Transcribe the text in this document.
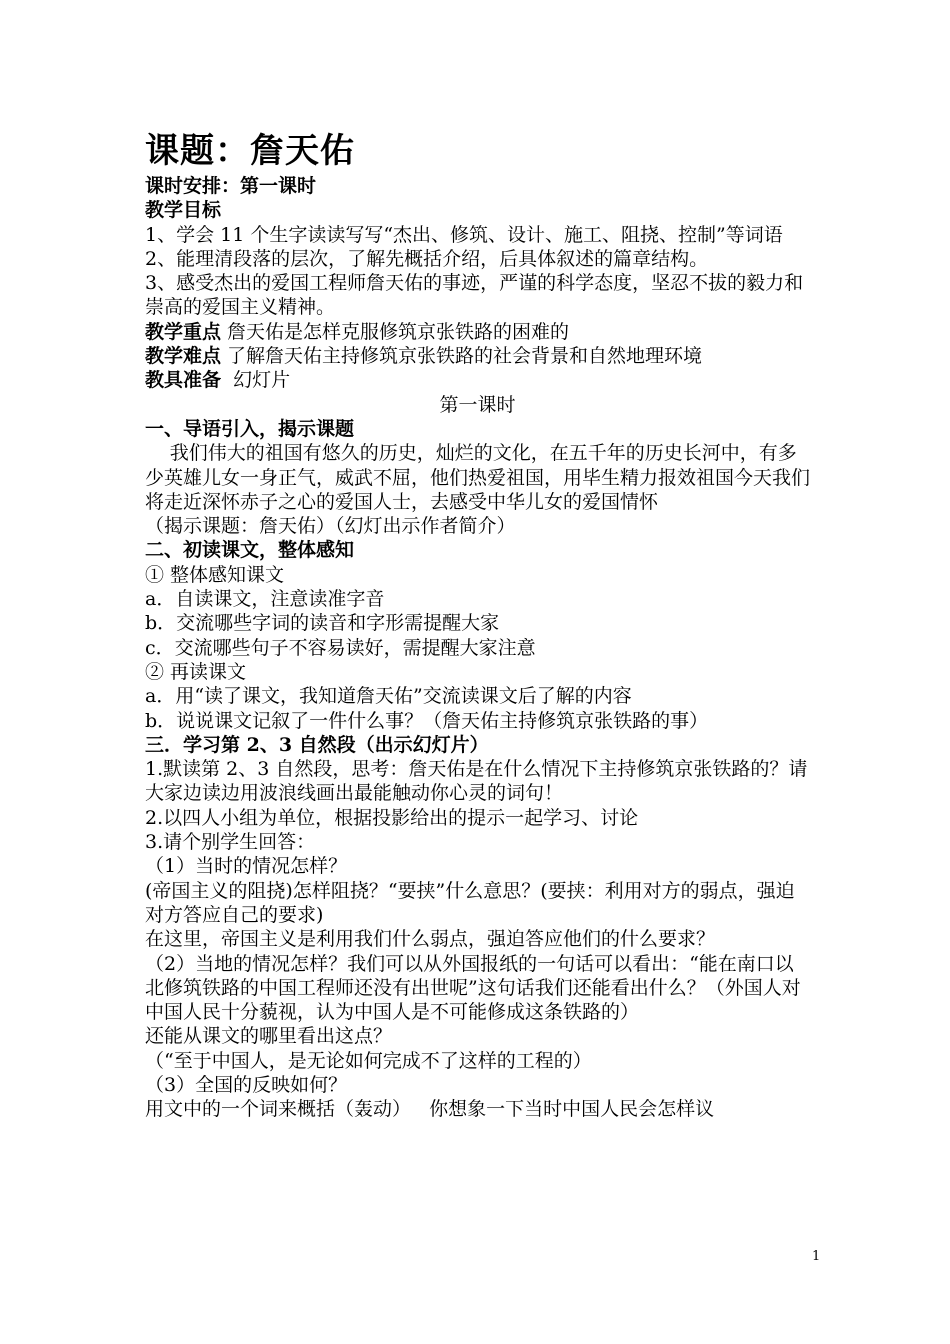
课题：詹天佑

课时安排：第一课时

教学目标

1、学会 11 个生字读读写写“杰出、修筑、设计、施工、阻挠、控制”等词语

2、能理清段落的层次，了解先概括介绍，后具体叙述的篇章结构。

3、感受杰出的爱国工程师詹天佑的事迹，严谨的科学态度，坚忍不拔的毅力和崇高的爱国主义精神。

教学重点 詹天佑是怎样克服修筑京张铁路的困难的

教学难点 了解詹天佑主持修筑京张铁路的社会背景和自然地理环境

教具准备  幻灯片

第一课时

一、导语引入，揭示课题

我们伟大的祖国有悠久的历史，灿烂的文化，在五千年的历史长河中，有多少英雄儿女一身正气，威武不屈，他们热爱祖国，用毕生精力报效祖国今天我们将走近深怀赤子之心的爱国人士，去感受中华儿女的爱国情怀

（揭示课题：詹天佑）（幻灯出示作者简介）

二、初读课文，整体感知

① 整体感知课文

a．自读课文，注意读准字音

b．交流哪些字词的读音和字形需提醒大家

c．交流哪些句子不容易读好，需提醒大家注意

② 再读课文

a．用“读了课文，我知道詹天佑”交流读课文后了解的内容

b．说说课文记叙了一件什么事？（詹天佑主持修筑京张铁路的事）

三．学习第 2、3 自然段（出示幻灯片）

1.默读第 2、3 自然段，思考：詹天佑是在什么情况下主持修筑京张铁路的？请大家边读边用波浪线画出最能触动你心灵的词句！

2.以四人小组为单位，根据投影给出的提示一起学习、讨论

3.请个别学生回答：

（1）当时的情况怎样？

(帝国主义的阻挠)怎样阻挠？“要挟”什么意思？(要挟：利用对方的弱点，强迫对方答应自己的要求)

在这里，帝国主义是利用我们什么弱点，强迫答应他们的什么要求？

（2）当地的情况怎样？我们可以从外国报纸的一句话可以看出：“能在南口以北修筑铁路的中国工程师还没有出世呢”这句话我们还能看出什么？（外国人对中国人民十分藐视，认为中国人是不可能修成这条铁路的）

还能从课文的哪里看出这点？

（“至于中国人，是无论如何完成不了这样的工程的）

（3）全国的反映如何？

用文中的一个词来概括（轰动）   你想象一下当时中国人民会怎样议

1
